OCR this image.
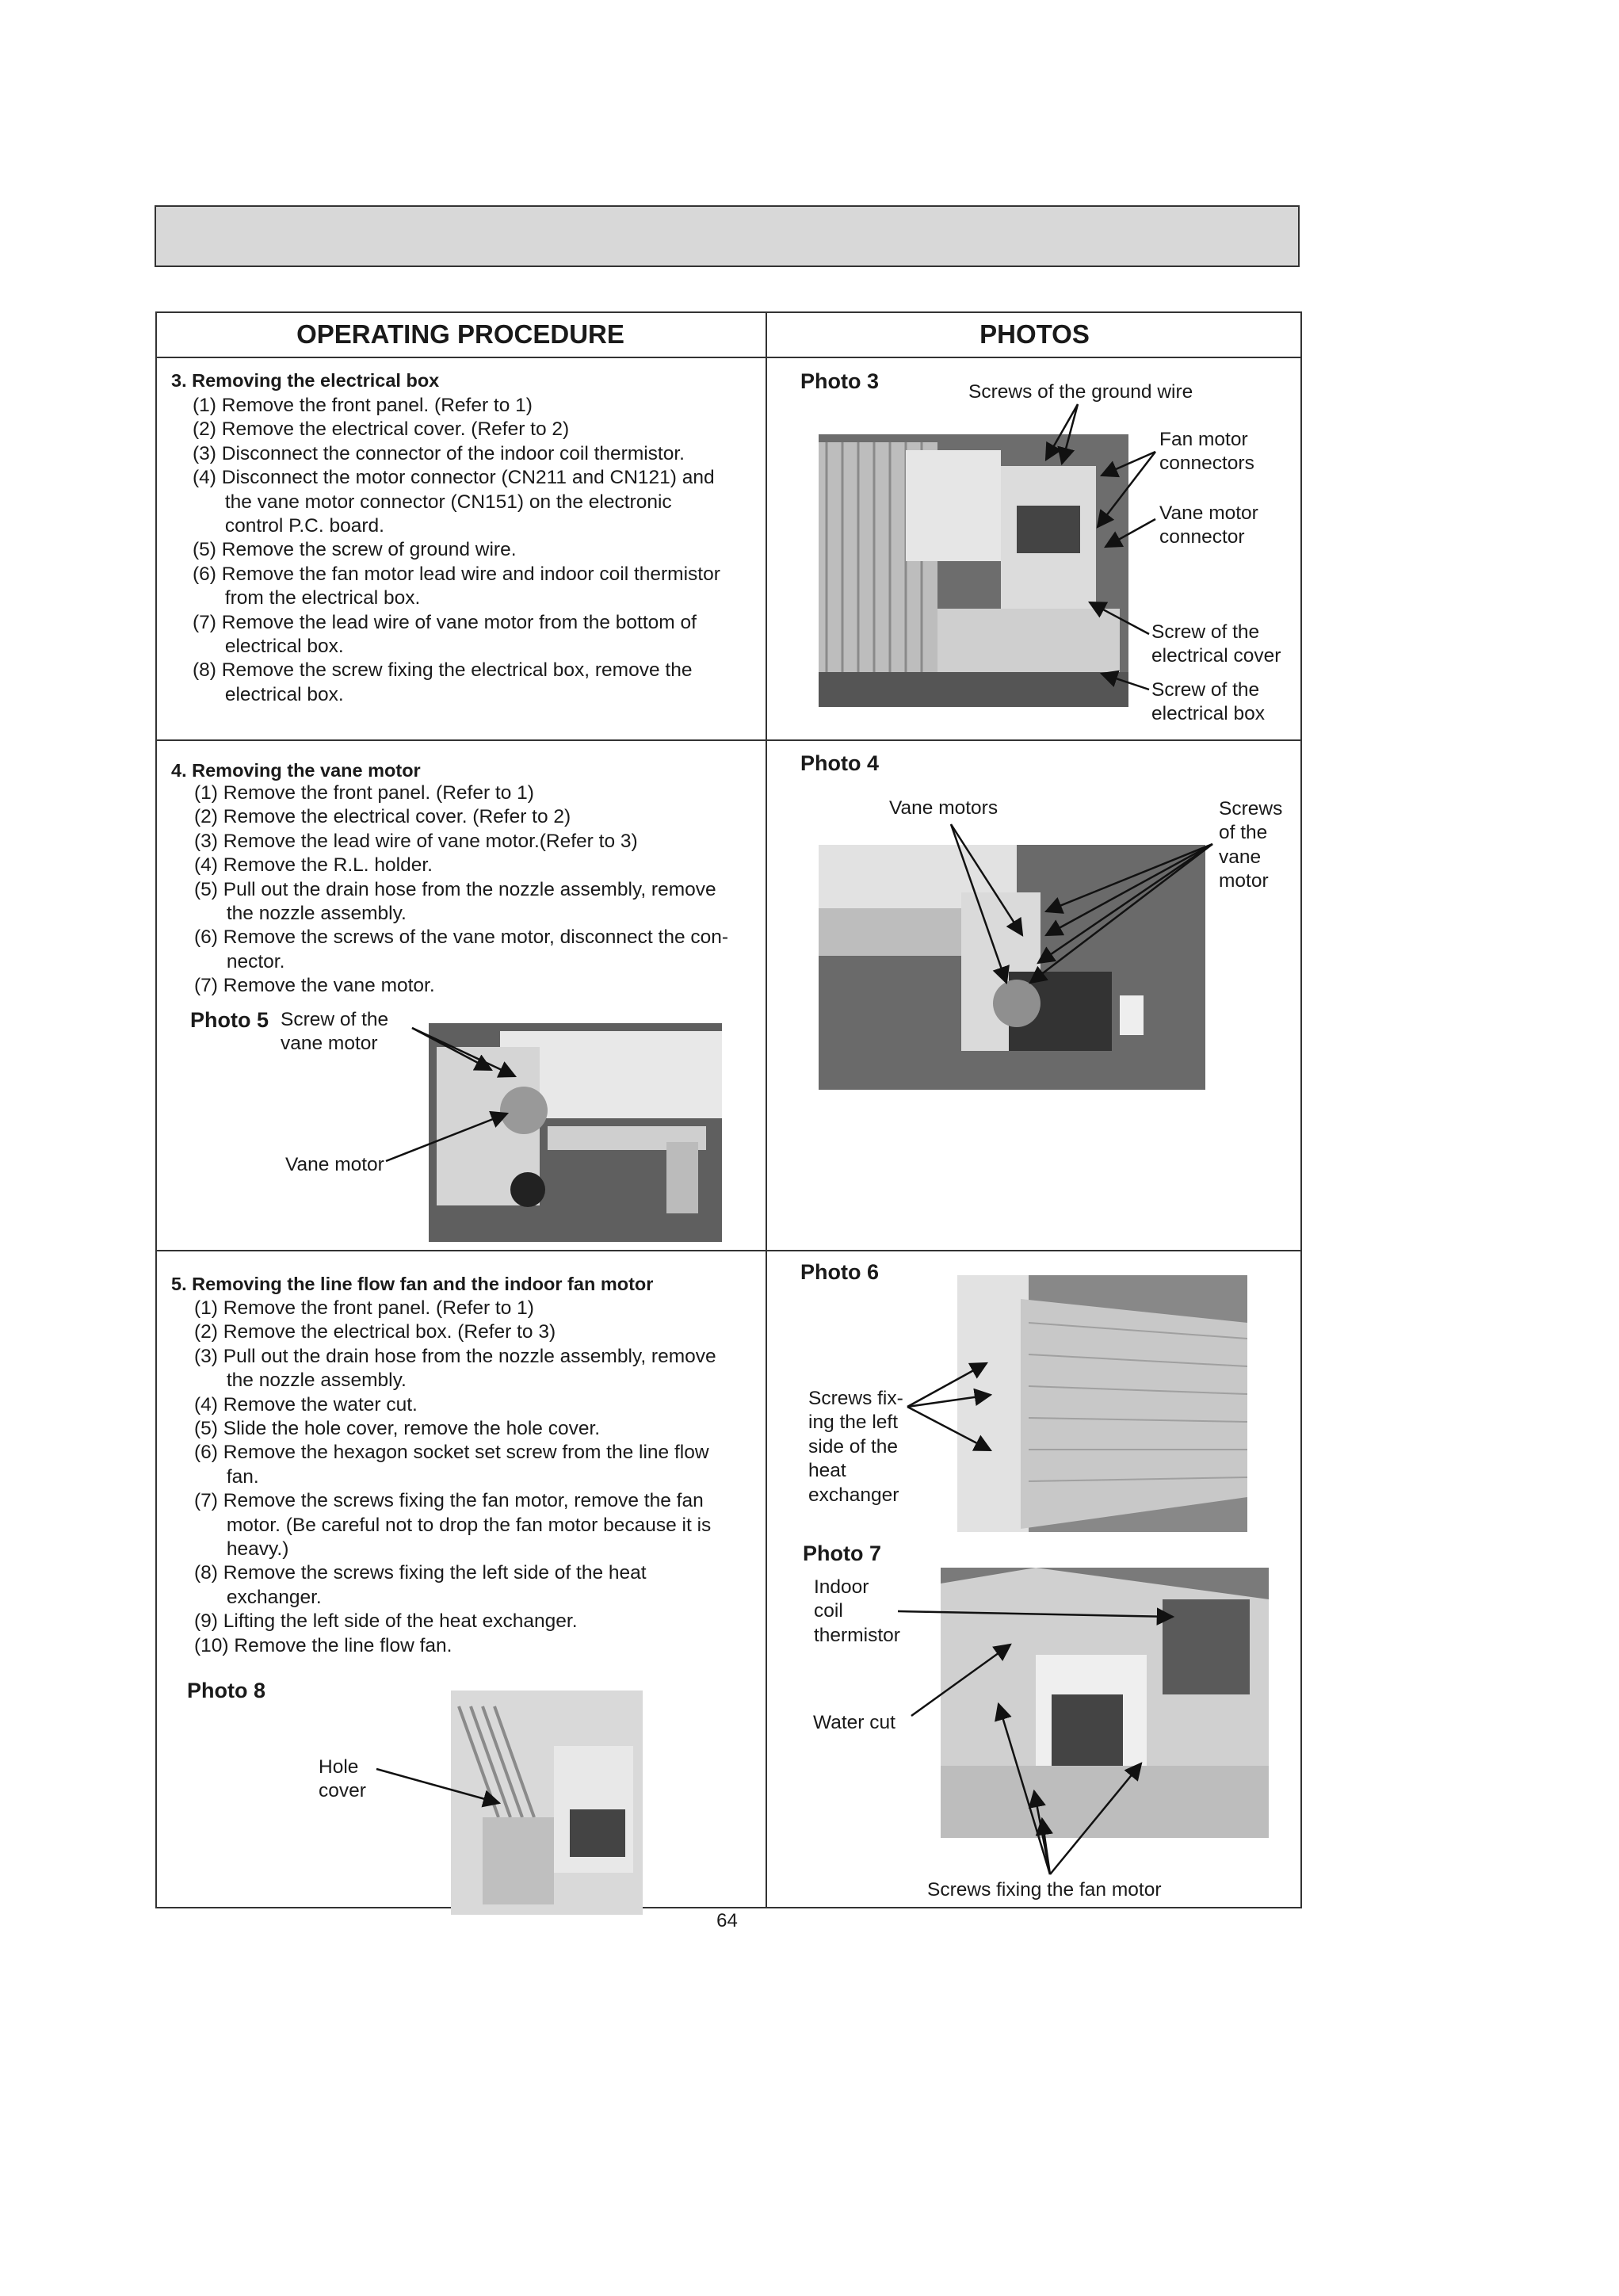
OPERATING PROCEDURE	PHOTOS
3. Removing the electrical box
(1) Remove the front panel. (Refer to 1)
(2) Remove the electrical cover. (Refer to 2)
(3) Disconnect the connector of the indoor coil thermistor.
(4) Disconnect the motor connector (CN211 and CN121) and
the vane motor connector (CN151) on the electronic
control P.C. board.
(5) Remove the screw of ground wire.
(6) Remove the fan motor lead wire and indoor coil thermistor
from the electrical box.
(7) Remove the lead wire of vane motor from the bottom of
electrical box.
(8) Remove the screw fixing the electrical box, remove the
electrical box.
Photo 3	Screws of the ground wire
Fan motor
connectors
Vane motor
connector
Screw of the
electrical cover
Screw of the
electrical box
4. Removing the vane motor
(1) Remove the front panel. (Refer to 1)
(2) Remove the electrical cover. (Refer to 2)
(3) Remove the lead wire of vane motor.(Refer to 3)
(4) Remove the R.L. holder.
(5) Pull out the drain hose from the nozzle assembly, remove
the nozzle assembly.
(6) Remove the screws of the vane motor, disconnect the con-
nector.
(7) Remove the vane motor.
Photo 5 Screw of the
vane motor
Vane motor
Photo 4
Vane motors	Screws
of the
vane
motor
5. Removing the line flow fan and the indoor fan motor
(1) Remove the front panel. (Refer to 1)
(2) Remove the electrical box. (Refer to 3)
(3) Pull out the drain hose from the nozzle assembly, remove
the nozzle assembly.
(4) Remove the water cut.
(5) Slide the hole cover, remove the hole cover.
(6) Remove the hexagon socket set screw from the line flow
fan.
(7) Remove the screws fixing the fan motor, remove the fan
motor. (Be careful not to drop the fan motor because it is
heavy.)
(8) Remove the screws fixing the left side of the heat
exchanger.
(9) Lifting the left side of the heat exchanger.
(10) Remove the line flow fan.
Photo 8
Hole
cover
Photo 6
Screws fix-
ing the left
side of the
heat
exchanger
Photo 7
Indoor
coil
thermistor
Water cut
Screws fixing the fan motor
64
